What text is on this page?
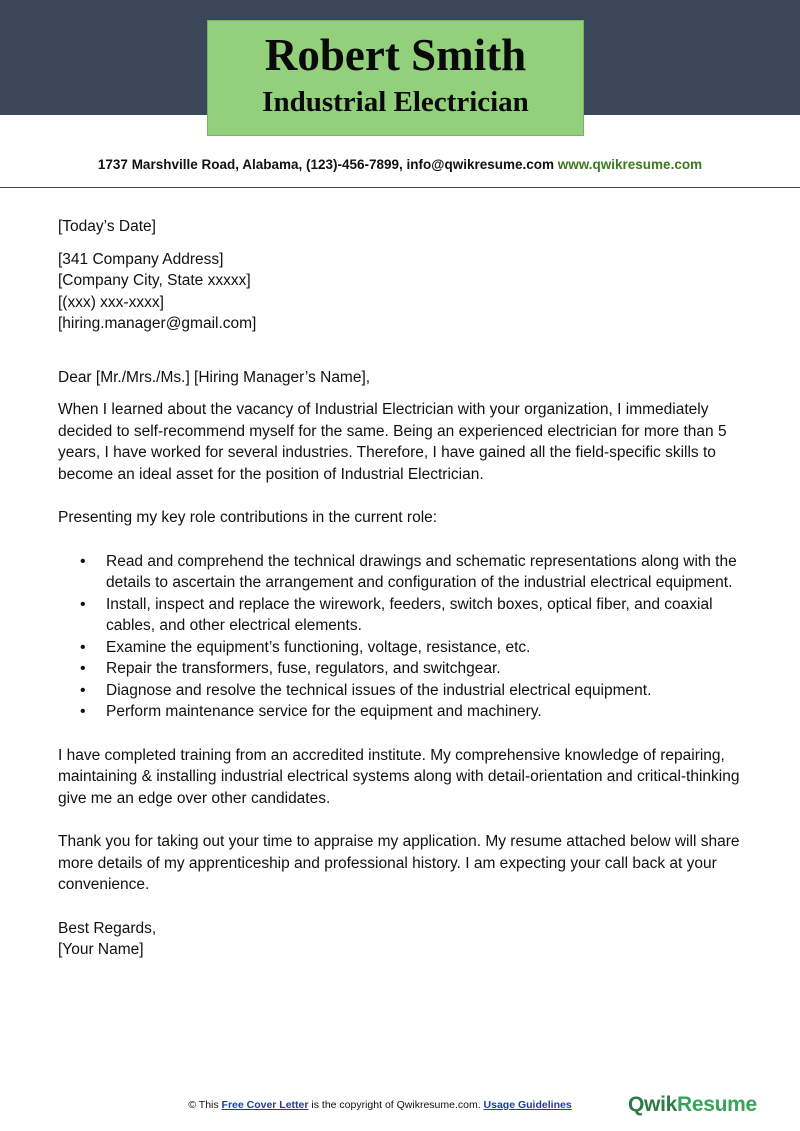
Robert Smith
Industrial Electrician
1737 Marshville Road, Alabama, (123)-456-7899, info@qwikresume.com www.qwikresume.com

[Today’s Date]

[341 Company Address]

[Company City, State xxxxx]

[(xxx) xxx-xxxx]

[hiring.manager@gmail.com]

Dear [Mr./Mrs./Ms.] [Hiring Manager’s Name],

When I learned about the vacancy of Industrial Electrician with your organization, I immediately decided to self-recommend myself for the same. Being an experienced electrician for more than 5 years, I have worked for several industries. Therefore, I have gained all the field-specific skills to become an ideal asset for the position of Industrial Electrician.

Presenting my key role contributions in the current role:

• Read and comprehend the technical drawings and schematic representations along with the details to ascertain the arrangement and configuration of the industrial electrical equipment.
• Install, inspect and replace the wirework, feeders, switch boxes, optical fiber, and coaxial cables, and other electrical elements.
• Examine the equipment’s functioning, voltage, resistance, etc.
• Repair the transformers, fuse, regulators, and switchgear.
• Diagnose and resolve the technical issues of the industrial electrical equipment.
• Perform maintenance service for the equipment and machinery.

I have completed training from an accredited institute. My comprehensive knowledge of repairing, maintaining & installing industrial electrical systems along with detail-orientation and critical-thinking give me an edge over other candidates.

Thank you for taking out your time to appraise my application. My resume attached below will share more details of my apprenticeship and professional history. I am expecting your call back at your convenience.

Best Regards,

[Your Name]

© This Free Cover Letter is the copyright of Qwikresume.com. Usage Guidelines	QwikResume
